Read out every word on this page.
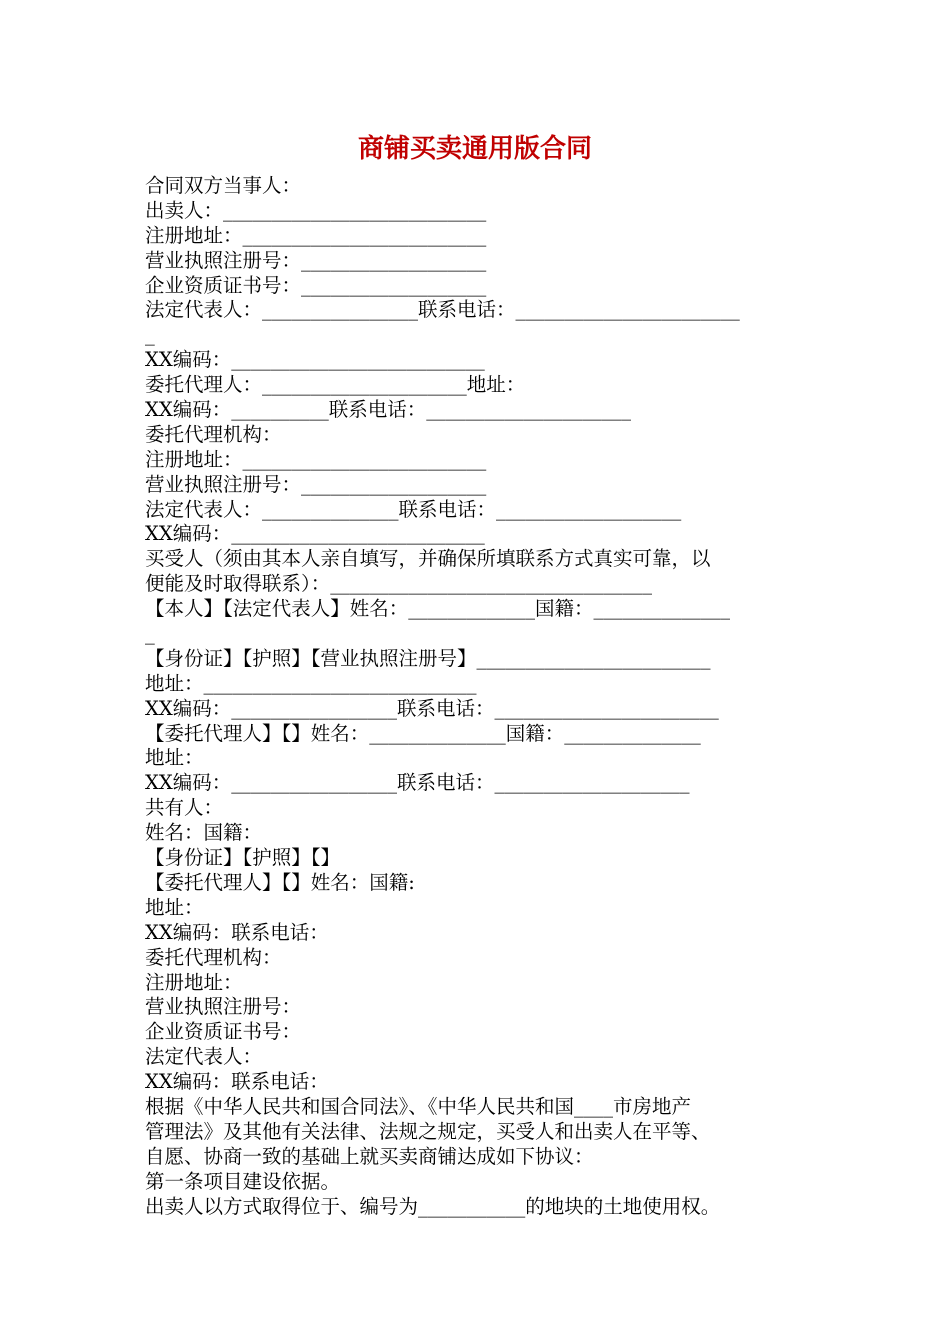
商铺买卖通用版合同

合同双方当事人：

出卖人：___________________________

注册地址：_________________________

营业执照注册号：___________________

企业资质证书号：___________________

法定代表人：________________联系电话：_______________________

_

XX编码：__________________________

委托代理人：_____________________地址：

XX编码：__________联系电话：_____________________

委托代理机构：

注册地址：_________________________

营业执照注册号：___________________

法定代表人：______________联系电话：___________________

XX编码：__________________________

买受人（须由其本人亲自填写，并确保所填联系方式真实可靠，以

便能及时取得联系）：_________________________________

【本人】【法定代表人】姓名：_____________国籍：______________

_

【身份证】【护照】【营业执照注册号】________________________

地址：____________________________

XX编码：_________________联系电话：_______________________

【委托代理人】【】姓名：______________国籍：______________

地址：

XX编码：_________________联系电话：____________________

共有人：

姓名：国籍：

【身份证】【护照】【】

【委托代理人】【】姓名：国籍:

地址：

XX编码：联系电话：

委托代理机构：

注册地址：

营业执照注册号：

企业资质证书号：

法定代表人：

XX编码：联系电话：

根据《中华人民共和国合同法》、《中华人民共和国____市房地产

管理法》及其他有关法律、法规之规定，买受人和出卖人在平等、

自愿、协商一致的基础上就买卖商铺达成如下协议：

第一条项目建设依据。

出卖人以方式取得位于、编号为___________的地块的土地使用权。
